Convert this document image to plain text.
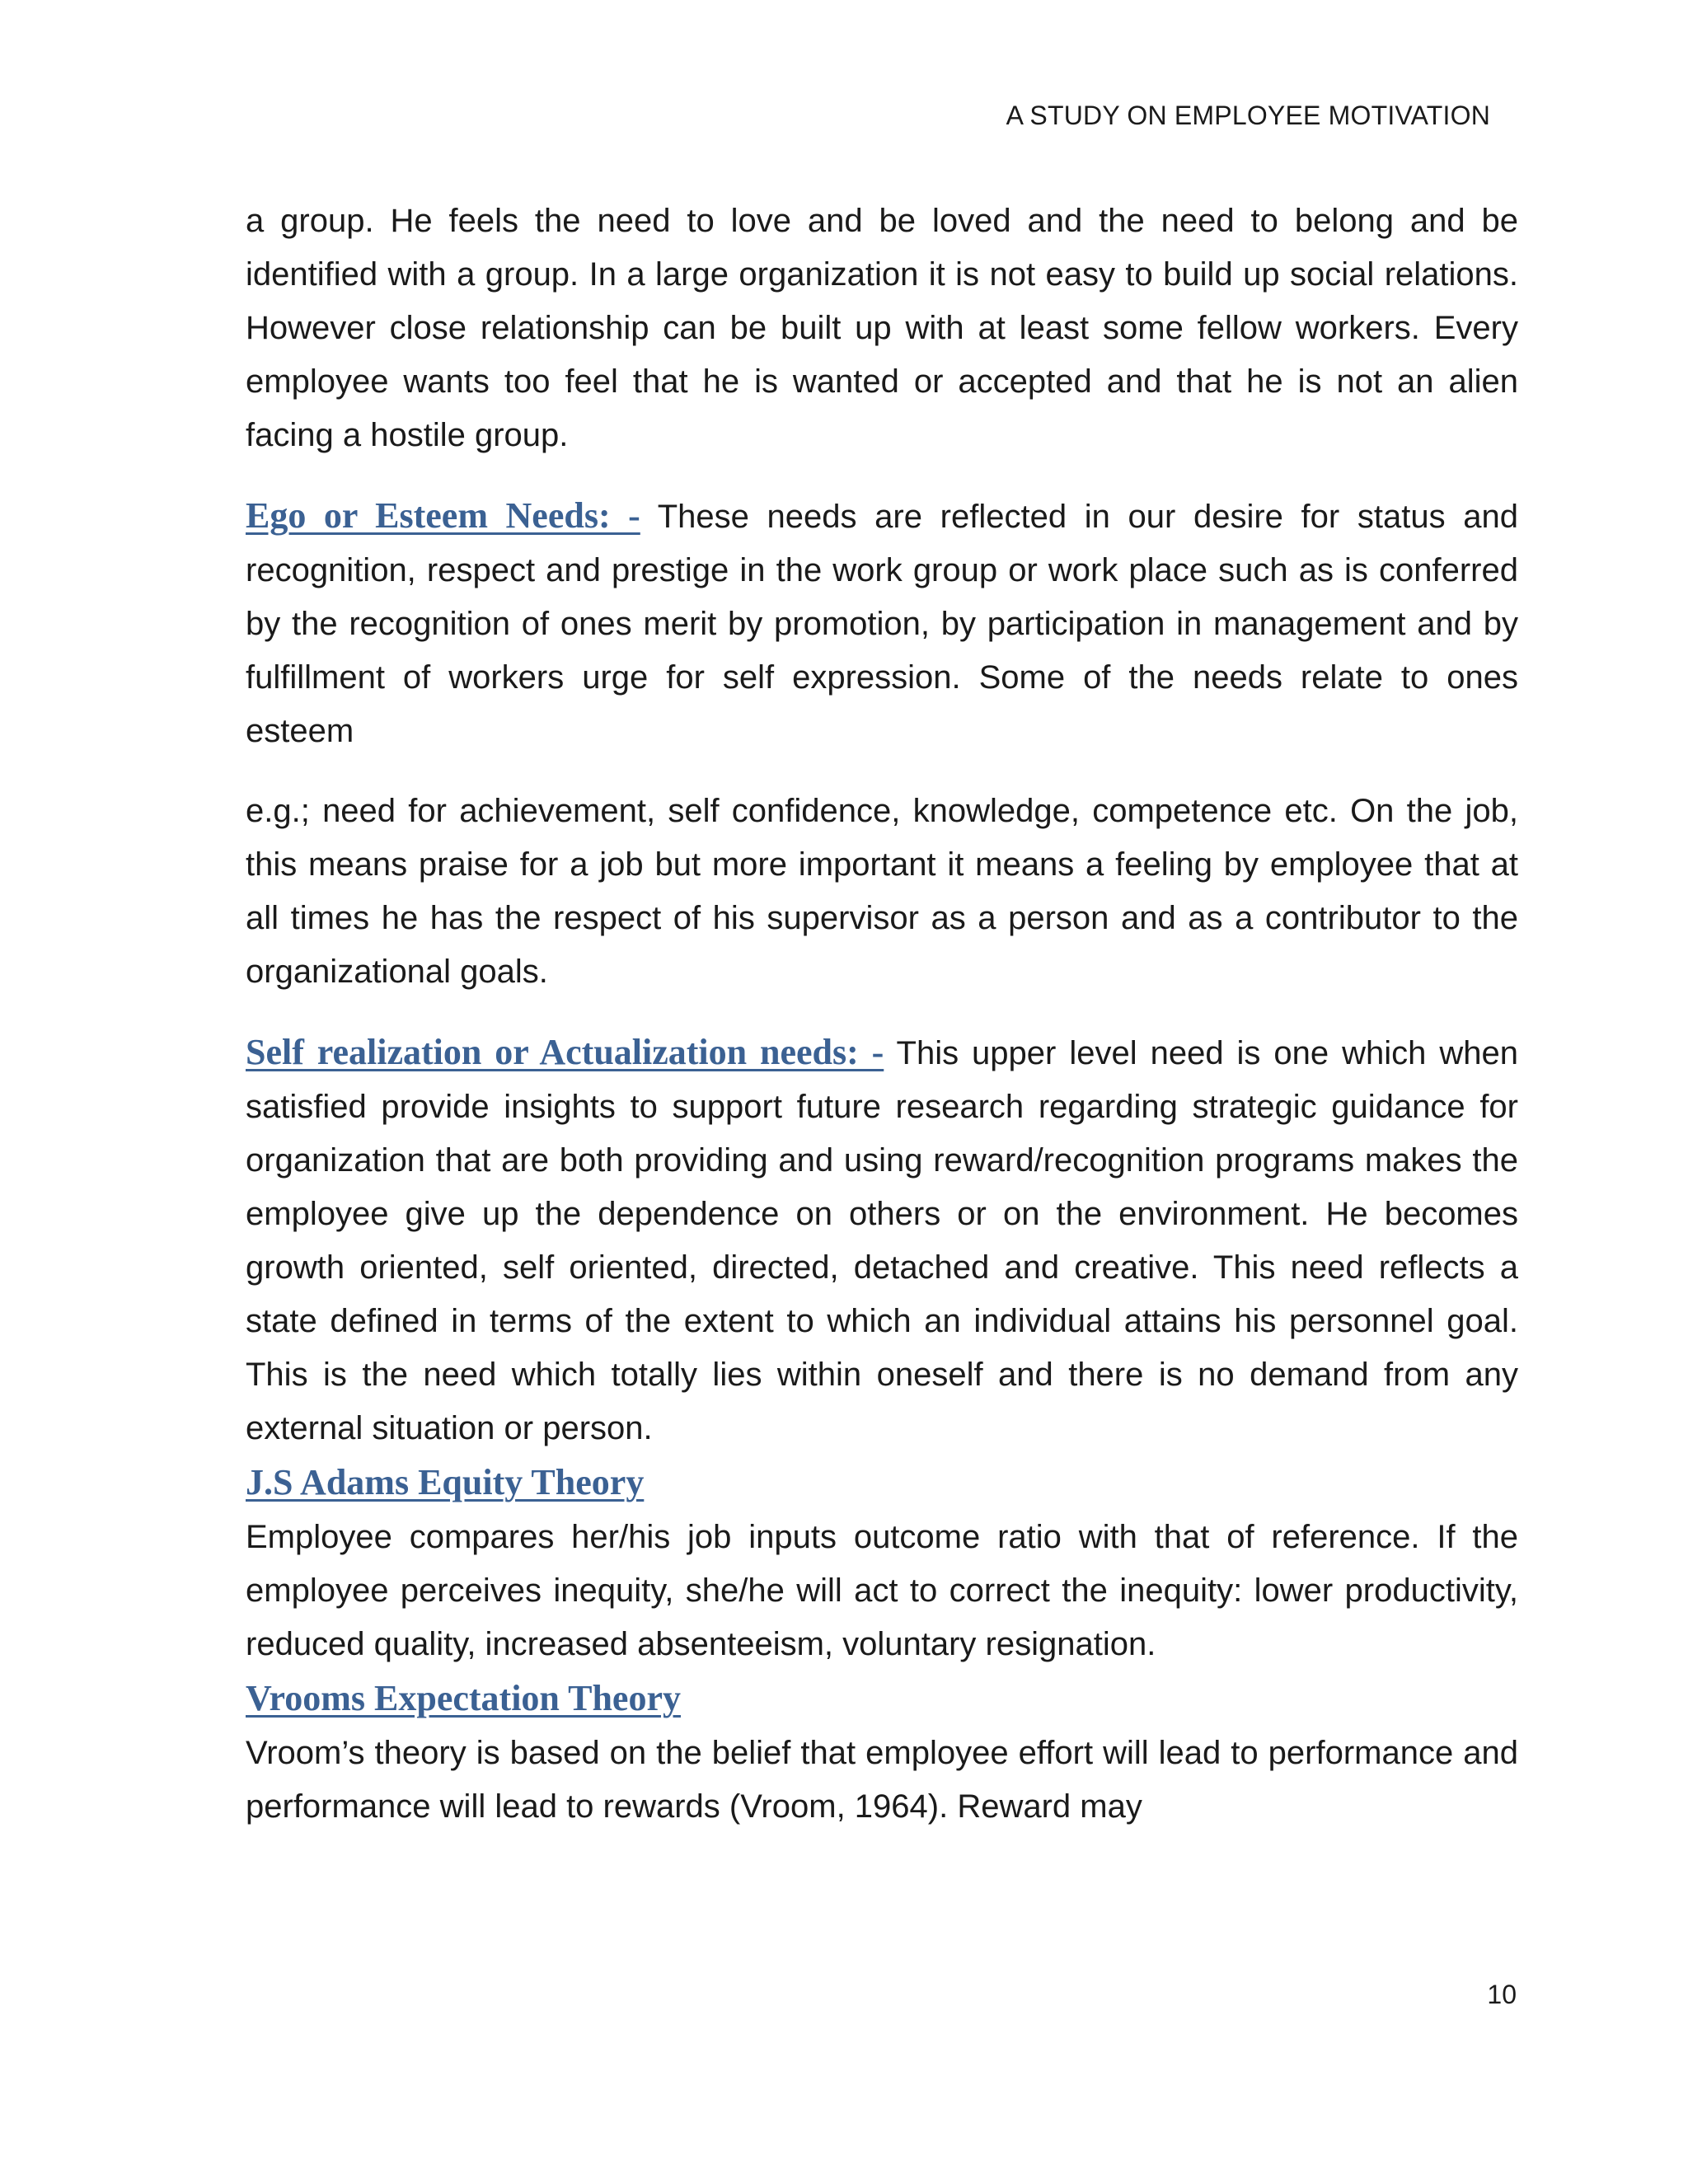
A STUDY ON EMPLOYEE MOTIVATION

a group. He feels the need to love and be loved and the need to belong and be identified with a group. In a large organization it is not easy to build up social relations. However close relationship can be built up with at least some fellow workers. Every employee wants too feel that he is wanted or accepted and that he is not an alien facing a hostile group.

Ego or Esteem Needs: - These needs are reflected in our desire for status and recognition, respect and prestige in the work group or work place such as is conferred by the recognition of ones merit by promotion, by participation in management and by fulfillment of workers urge for self expression. Some of the needs relate to ones esteem

e.g.; need for achievement, self confidence, knowledge, competence etc. On the job, this means praise for a job but more important it means a feeling by employee that at all times he has the respect of his supervisor as a person and as a contributor to the organizational goals.

Self realization or Actualization needs: - This upper level need is one which when satisfied provide insights to support future research regarding strategic guidance for organization that are both providing and using reward/recognition programs makes the employee give up the dependence on others or on the environment. He becomes growth oriented, self oriented, directed, detached and creative. This need reflects a state defined in terms of the extent to which an individual attains his personnel goal. This is the need which totally lies within oneself and there is no demand from any external situation or person.

J.S Adams Equity Theory

Employee compares her/his job inputs outcome ratio with that of reference. If the employee perceives inequity, she/he will act to correct the inequity: lower productivity, reduced quality, increased absenteeism, voluntary resignation.

Vrooms Expectation Theory

Vroom’s theory is based on the belief that employee effort will lead to performance and performance will lead to rewards (Vroom, 1964). Reward may

10
